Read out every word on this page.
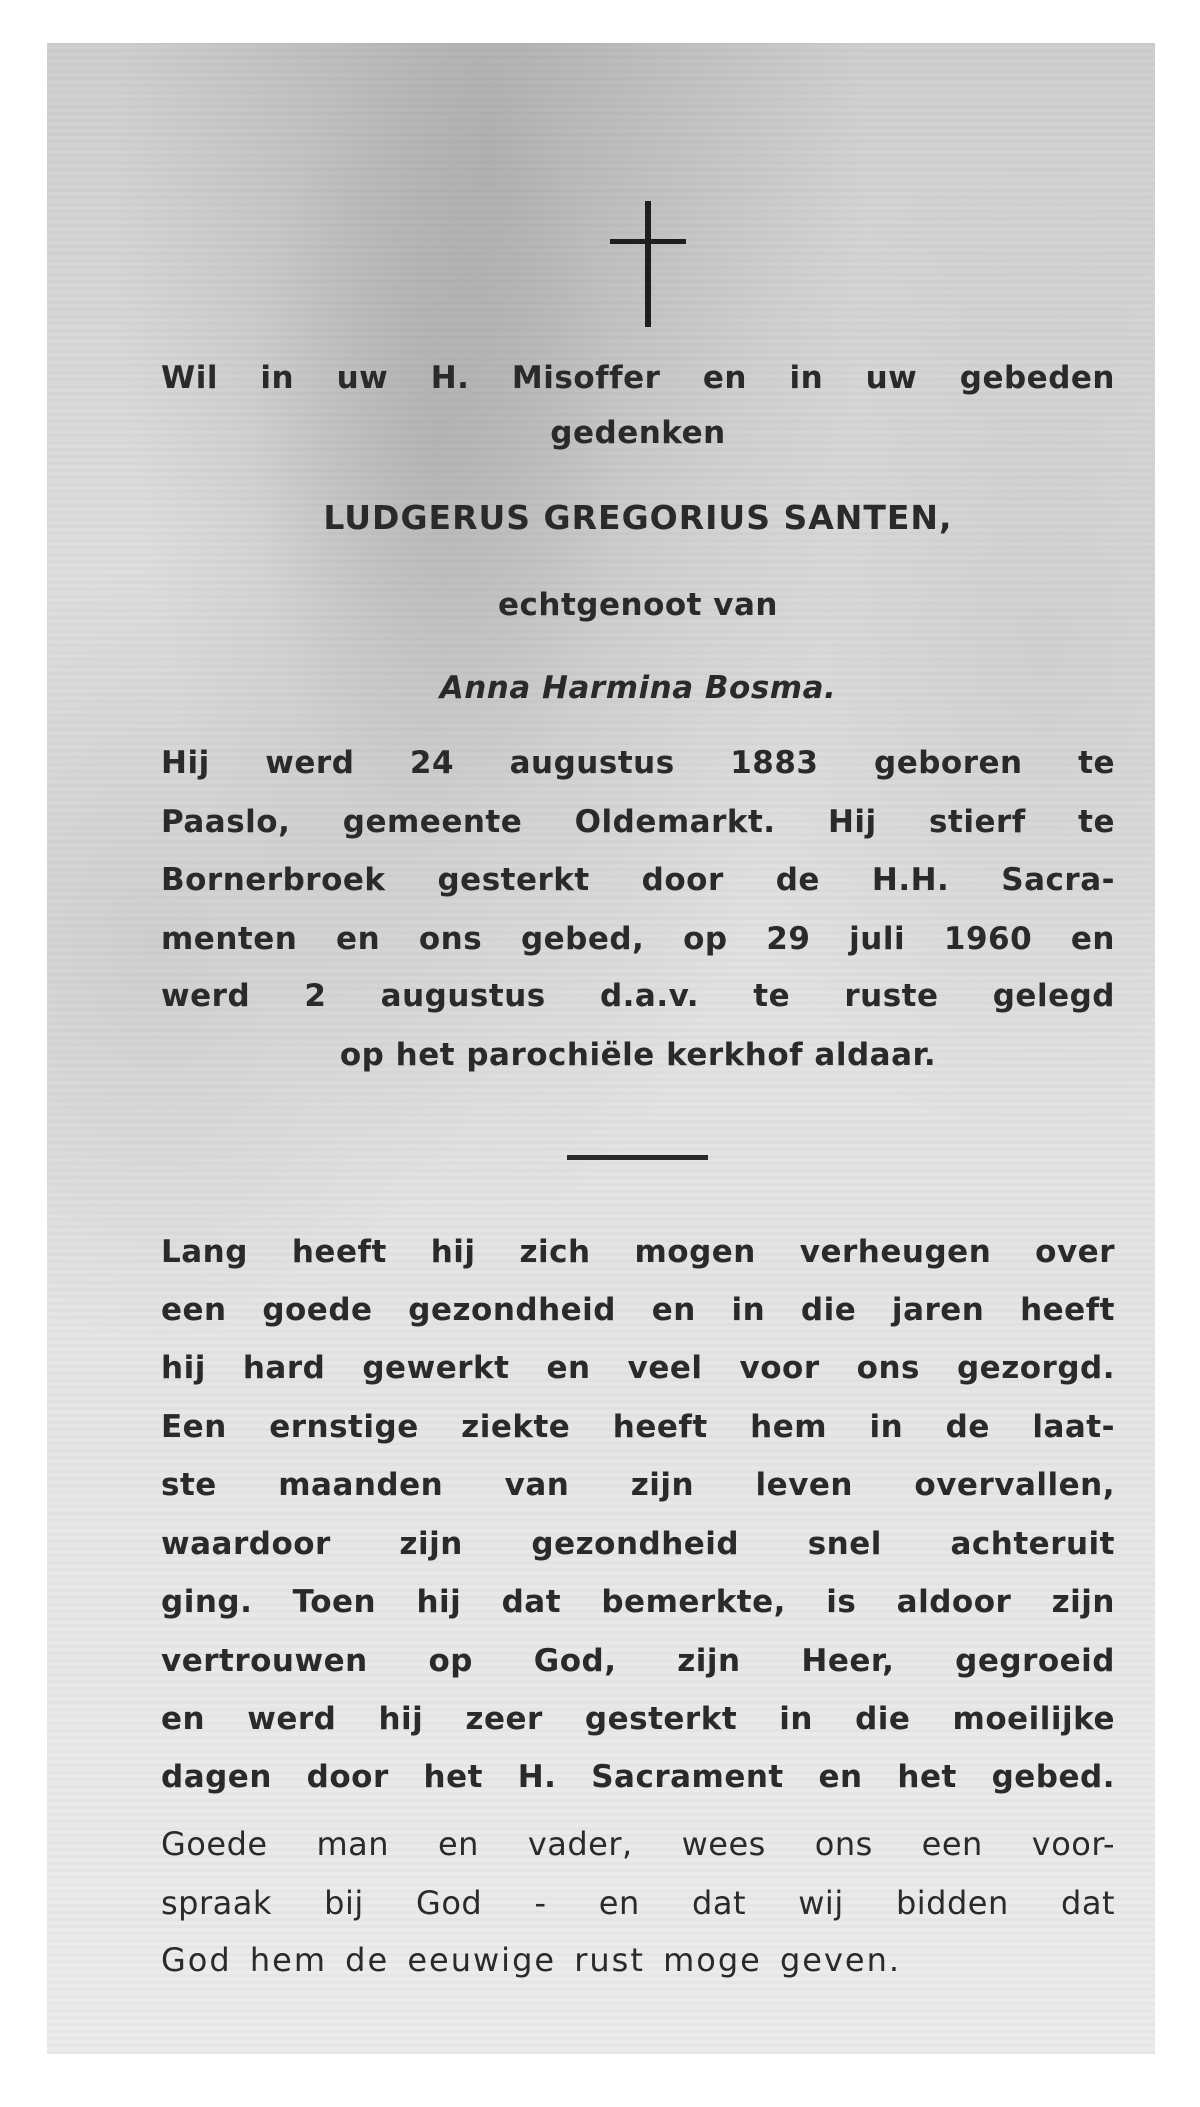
Wil in uw H. Misoffer en in uw gebeden
gedenken
LUDGERUS GREGORIUS SANTEN,
echtgenoot van
Anna Harmina Bosma.
Hij werd 24 augustus 1883 geboren te
Paaslo, gemeente Oldemarkt. Hij stierf te
Bornerbroek gesterkt door de H.H. Sacra-
menten en ons gebed, op 29 juli 1960 en
werd 2 augustus d.a.v. te ruste gelegd
op het parochiële kerkhof aldaar.
Lang heeft hij zich mogen verheugen over
een goede gezondheid en in die jaren heeft
hij hard gewerkt en veel voor ons gezorgd.
Een ernstige ziekte heeft hem in de laat-
ste maanden van zijn leven overvallen,
waardoor zijn gezondheid snel achteruit
ging. Toen hij dat bemerkte, is aldoor zijn
vertrouwen op God, zijn Heer, gegroeid
en werd hij zeer gesterkt in die moeilijke
dagen door het H. Sacrament en het gebed.
Goede man en vader, wees ons een voor-
spraak bij God - en dat wij bidden dat
God hem de eeuwige rust moge geven.
